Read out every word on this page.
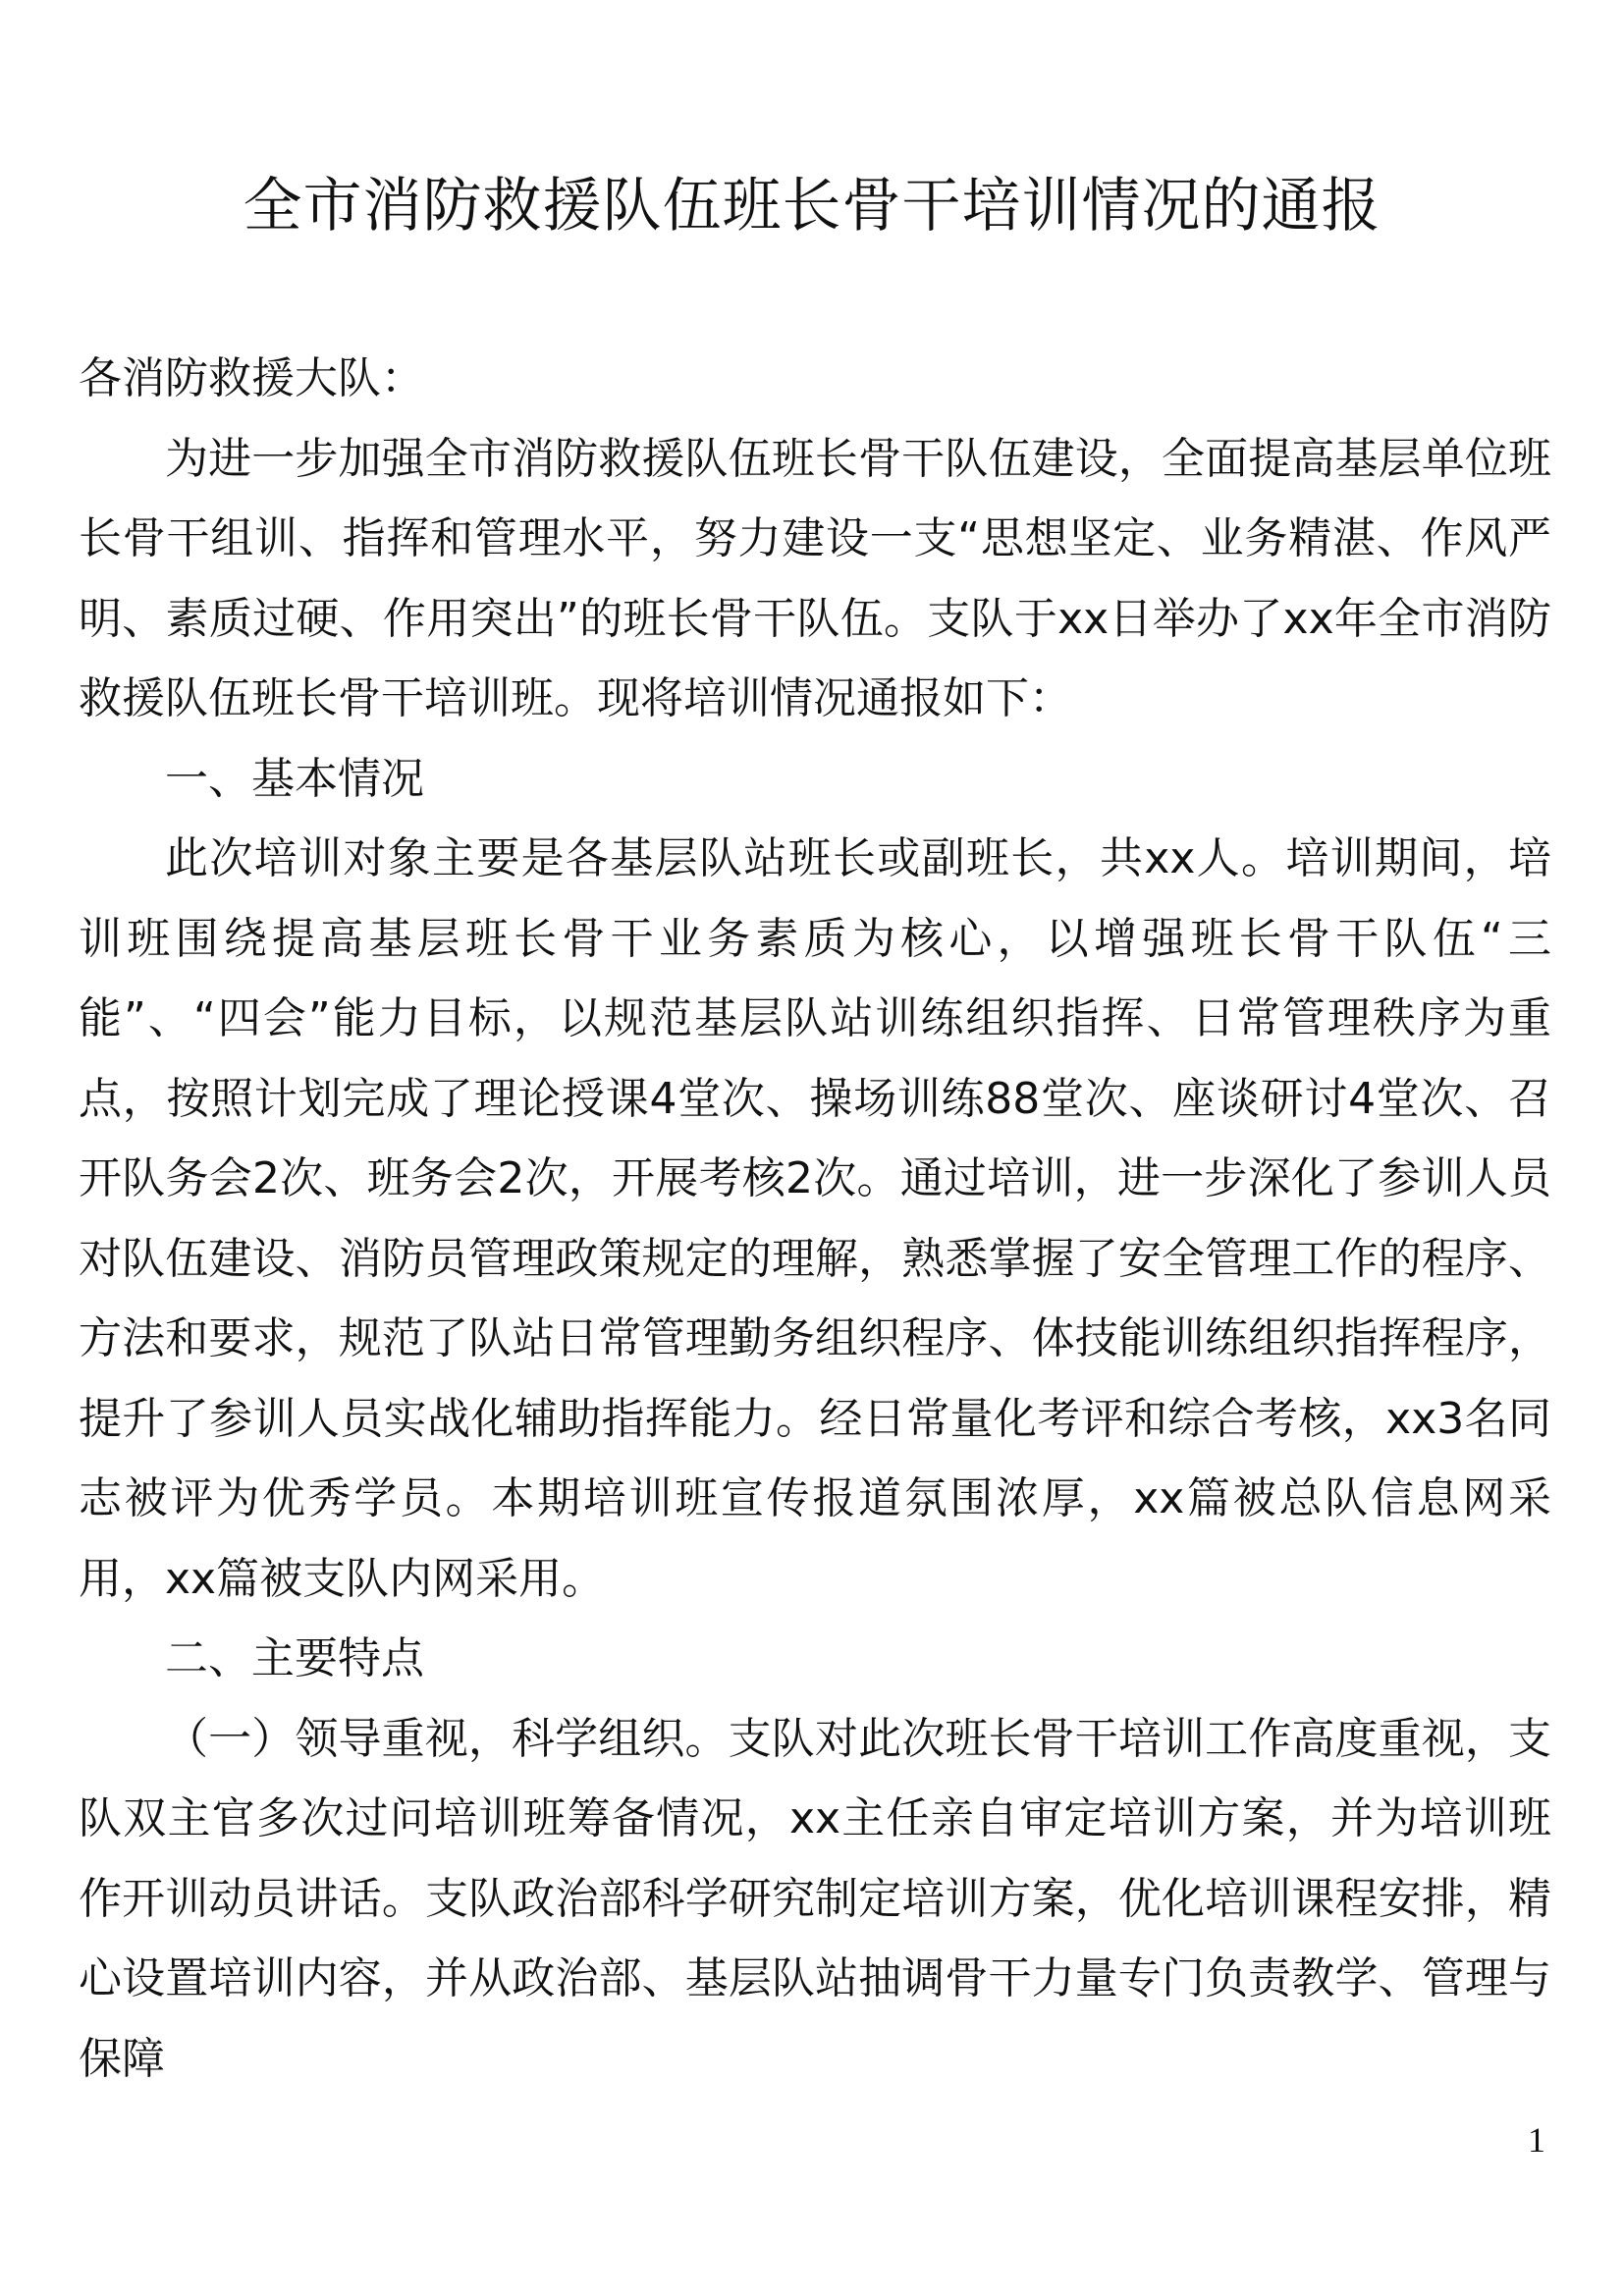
全市消防救援队伍班长骨干培训情况的通报

各消防救援大队：

为进一步加强全市消防救援队伍班长骨干队伍建设，全面提高基层单位班长骨干组训、指挥和管理水平，努力建设一支“思想坚定、业务精湛、作风严明、素质过硬、作用突出”的班长骨干队伍。支队于xx日举办了xx年全市消防救援队伍班长骨干培训班。现将培训情况通报如下：

一、基本情况

此次培训对象主要是各基层队站班长或副班长，共xx人。培训期间，培训班围绕提高基层班长骨干业务素质为核心，以增强班长骨干队伍“三能”、“四会”能力目标，以规范基层队站训练组织指挥、日常管理秩序为重点，按照计划完成了理论授课4堂次、操场训练88堂次、座谈研讨4堂次、召开队务会2次、班务会2次，开展考核2次。通过培训，进一步深化了参训人员对队伍建设、消防员管理政策规定的理解，熟悉掌握了安全管理工作的程序、方法和要求，规范了队站日常管理勤务组织程序、体技能训练组织指挥程序，提升了参训人员实战化辅助指挥能力。经日常量化考评和综合考核，xx3名同志被评为优秀学员。本期培训班宣传报道氛围浓厚，xx篇被总队信息网采用，xx篇被支队内网采用。

二、主要特点

（一）领导重视，科学组织。支队对此次班长骨干培训工作高度重视，支队双主官多次过问培训班筹备情况，xx主任亲自审定培训方案，并为培训班作开训动员讲话。支队政治部科学研究制定培训方案，优化培训课程安排，精心设置培训内容，并从政治部、基层队站抽调骨干力量专门负责教学、管理与保障

1
